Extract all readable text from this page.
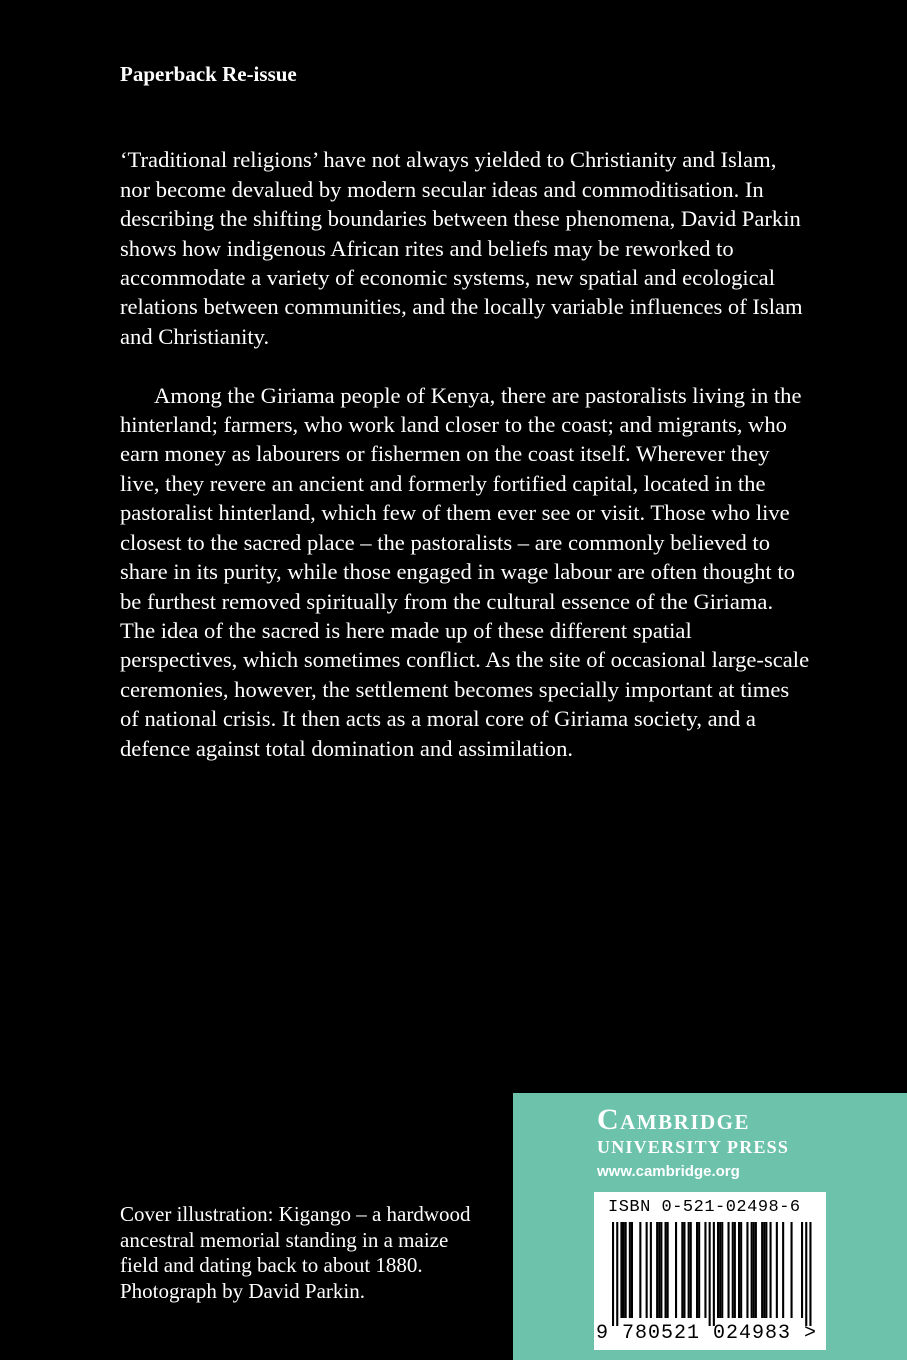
Paperback Re-issue

‘Traditional religions’ have not always yielded to Christianity and Islam, nor become devalued by modern secular ideas and commoditisation. In describing the shifting boundaries between these phenomena, David Parkin shows how indigenous African rites and beliefs may be reworked to accommodate a variety of economic systems, new spatial and ecological relations between communities, and the locally variable influences of Islam and Christianity.

Among the Giriama people of Kenya, there are pastoralists living in the hinterland; farmers, who work land closer to the coast; and migrants, who earn money as labourers or fishermen on the coast itself. Wherever they live, they revere an ancient and formerly fortified capital, located in the pastoralist hinterland, which few of them ever see or visit. Those who live closest to the sacred place – the pastoralists – are commonly believed to share in its purity, while those engaged in wage labour are often thought to be furthest removed spiritually from the cultural essence of the Giriama. The idea of the sacred is here made up of these different spatial perspectives, which sometimes conflict. As the site of occasional large-scale ceremonies, however, the settlement becomes specially important at times of national crisis. It then acts as a moral core of Giriama society, and a defence against total domination and assimilation.

Cover illustration: Kigango – a hardwood
ancestral memorial standing in a maize
field and dating back to about 1880.
Photograph by David Parkin.
Cambridge
UNIVERSITY PRESS
www.cambridge.org
ISBN 0-521-02498-6
9 780521 024983 >
